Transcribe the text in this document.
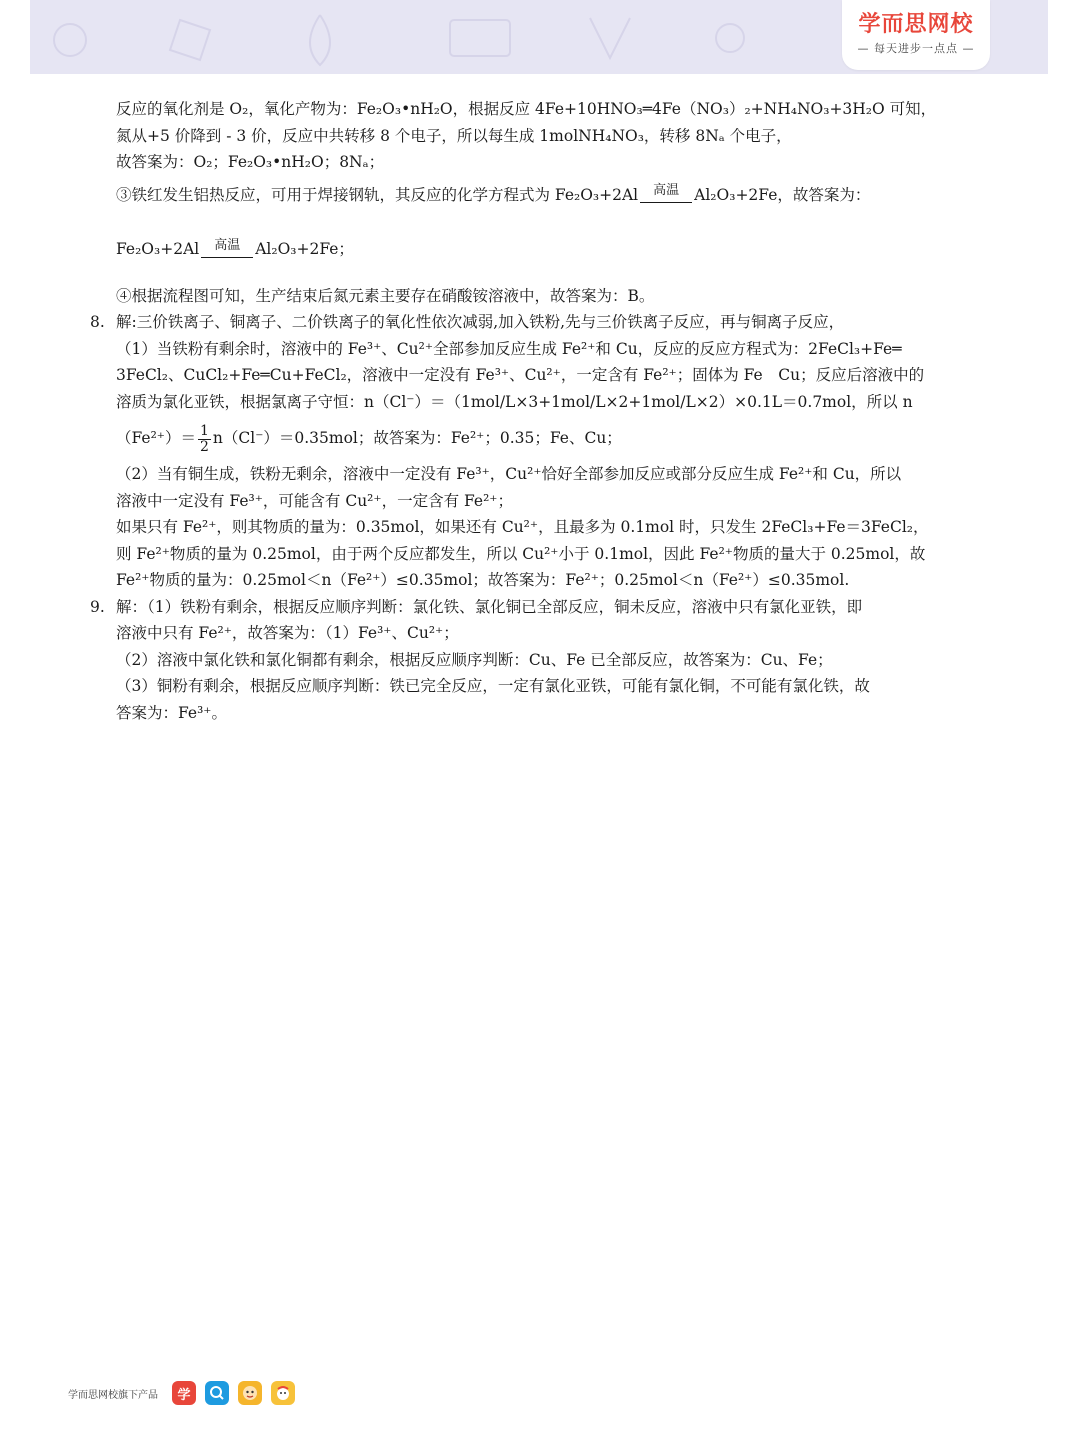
学而思网校
— 每天进步一点点 —

反应的氧化剂是 O₂，氧化产物为：Fe₂O₃•nH₂O，根据反应 4Fe+10HNO₃═4Fe（NO₃）₂+NH₄NO₃+3H₂O 可知，

氮从+5 价降到 - 3 价，反应中共转移 8 个电子，所以每生成 1molNH₄NO₃，转移 8Nₐ 个电子，

故答案为：O₂；Fe₂O₃•nH₂O；8Nₐ；

③铁红发生铝热反应，可用于焊接钢轨，其反应的化学方程式为 Fe₂O₃+2Al	高温 Al₂O₃+2Fe，故答案为：

Fe₂O₃+2Al	高温 Al₂O₃+2Fe；

④根据流程图可知，生产结束后氮元素主要存在硝酸铵溶液中，故答案为：B。

8. 解:三价铁离子、铜离子、二价铁离子的氧化性依次减弱,加入铁粉,先与三价铁离子反应，再与铜离子反应，

（1）当铁粉有剩余时，溶液中的 Fe³⁺、Cu²⁺全部参加反应生成 Fe²⁺和 Cu，反应的反应方程式为：2FeCl₃+Fe═

3FeCl₂、CuCl₂+Fe═Cu+FeCl₂，溶液中一定没有 Fe³⁺、Cu²⁺，一定含有 Fe²⁺；固体为 Fe　Cu；反应后溶液中的

溶质为氯化亚铁，根据氯离子守恒：n（Cl⁻）＝（1mol/L×3+1mol/L×2+1mol/L×2）×0.1L＝0.7mol，所以 n

$(Fe^{2+})= \frac{1}{2} n(Cl^-)=0.35mol$；故答案为：Fe²⁺；0.35；Fe、Cu；

（2）当有铜生成，铁粉无剩余，溶液中一定没有 Fe³⁺，Cu²⁺恰好全部参加反应或部分反应生成 Fe²⁺和 Cu，所以

溶液中一定没有 Fe³⁺，可能含有 Cu²⁺，一定含有 Fe²⁺；

如果只有 Fe²⁺，则其物质的量为：0.35mol，如果还有 Cu²⁺，且最多为 0.1mol 时，只发生 2FeCl₃+Fe＝3FeCl₂，

则 Fe²⁺物质的量为 0.25mol，由于两个反应都发生，所以 Cu²⁺小于 0.1mol，因此 Fe²⁺物质的量大于 0.25mol，故

Fe²⁺物质的量为：0.25mol＜n（Fe²⁺）≤0.35mol；故答案为：Fe²⁺；0.25mol＜n（Fe²⁺）≤0.35mol.

9. 解：（1）铁粉有剩余，根据反应顺序判断：氯化铁、氯化铜已全部反应，铜未反应，溶液中只有氯化亚铁，即

溶液中只有 Fe²⁺，故答案为：（1）Fe³⁺、Cu²⁺；

（2）溶液中氯化铁和氯化铜都有剩余，根据反应顺序判断：Cu、Fe 已全部反应，故答案为：Cu、Fe；

（3）铜粉有剩余，根据反应顺序判断：铁已完全反应，一定有氯化亚铁，可能有氯化铜，不可能有氯化铁，故

答案为：Fe³⁺。

学而思网校旗下产品	学
